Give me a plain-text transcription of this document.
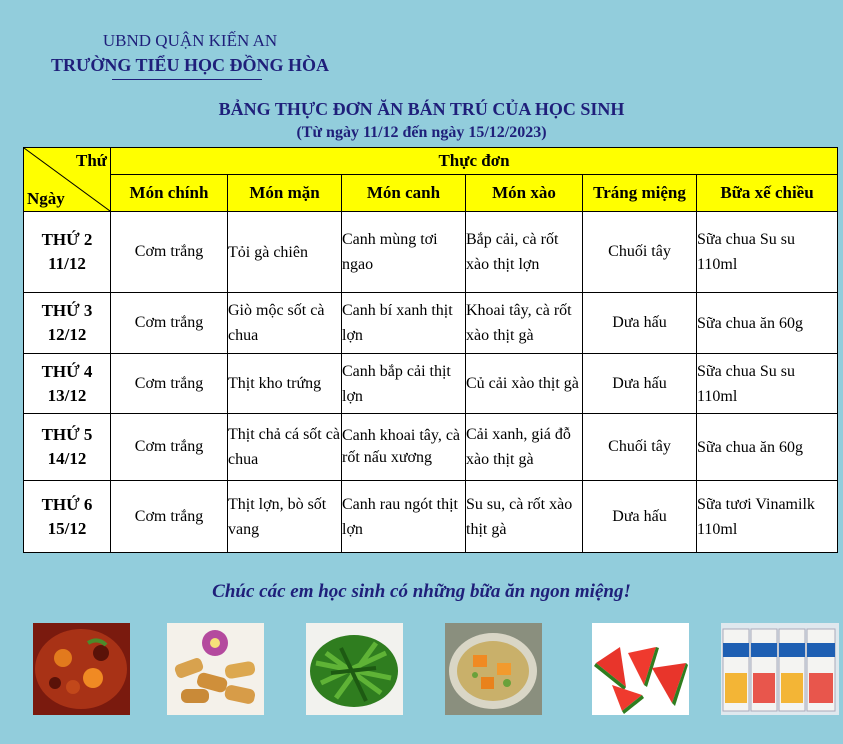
UBND QUẬN KIẾN AN
TRƯỜNG TIỂU HỌC ĐỒNG HÒA
BẢNG THỰC ĐƠN ĂN BÁN TRÚ CỦA HỌC SINH
(Từ ngày 11/12 đến ngày 15/12/2023)
Thứ
Ngày	Thực đơn					
	Món chính	Món mặn	Món canh	Món xào	Tráng miệng	Bữa xế chiều

THỨ 2
11/12	Cơm trắng	Tỏi gà chiên	Canh mùng tơi ngao	Bắp cải, cà rốt xào thịt lợn	Chuối tây	Sữa chua Su su 110ml

THỨ 3
12/12	Cơm trắng	Giò mộc sốt cà chua	Canh bí xanh thịt lợn	Khoai tây, cà rốt xào thịt gà	Dưa hấu	Sữa chua ăn 60g

THỨ 4
13/12	Cơm trắng	Thịt kho trứng	Canh bắp cải thịt lợn	Củ cải xào thịt gà	Dưa hấu	Sữa chua Su su 110ml

THỨ 5
14/12	Cơm trắng	Thịt chả cá sốt cà chua	Canh khoai tây, cà rốt nấu xương	Cải xanh, giá đỗ xào thịt gà	Chuối tây	Sữa chua ăn 60g

THỨ 6
15/12	Cơm trắng	Thịt lợn, bò sốt vang	Canh rau ngót thịt lợn	Su su, cà rốt xào thịt gà	Dưa hấu	Sữa tươi Vinamilk 110ml
Chúc các em học sinh có những bữa ăn ngon miệng!
